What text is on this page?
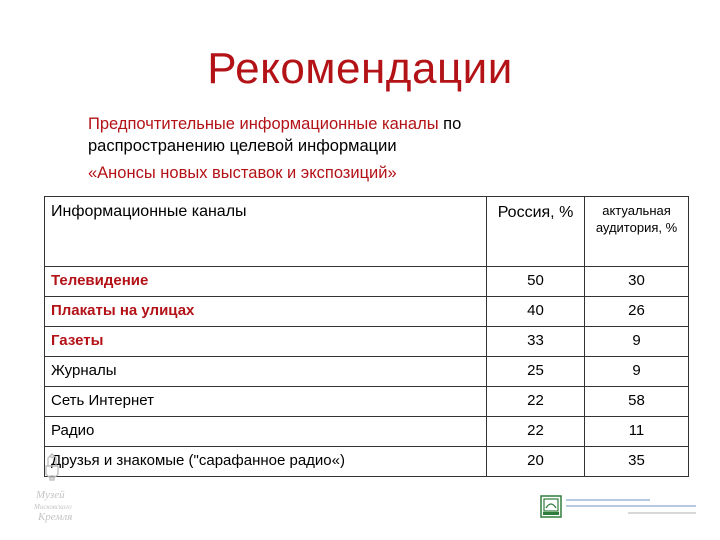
Рекомендации
Предпочтительные информационные каналы по распространению целевой информации
«Анонсы новых выставок и экспозиций»
Информационные каналы	Россия, %	актуальная аудитория, %
Телевидение	50	30
Плакаты на улицах	40	26
Газеты	33	9
Журналы	25	9
Сеть Интернет	22	58
Радио	22	11
Друзья и знакомые ("сарафанное радио«)	20	35
Музей
Московского
Кремля
